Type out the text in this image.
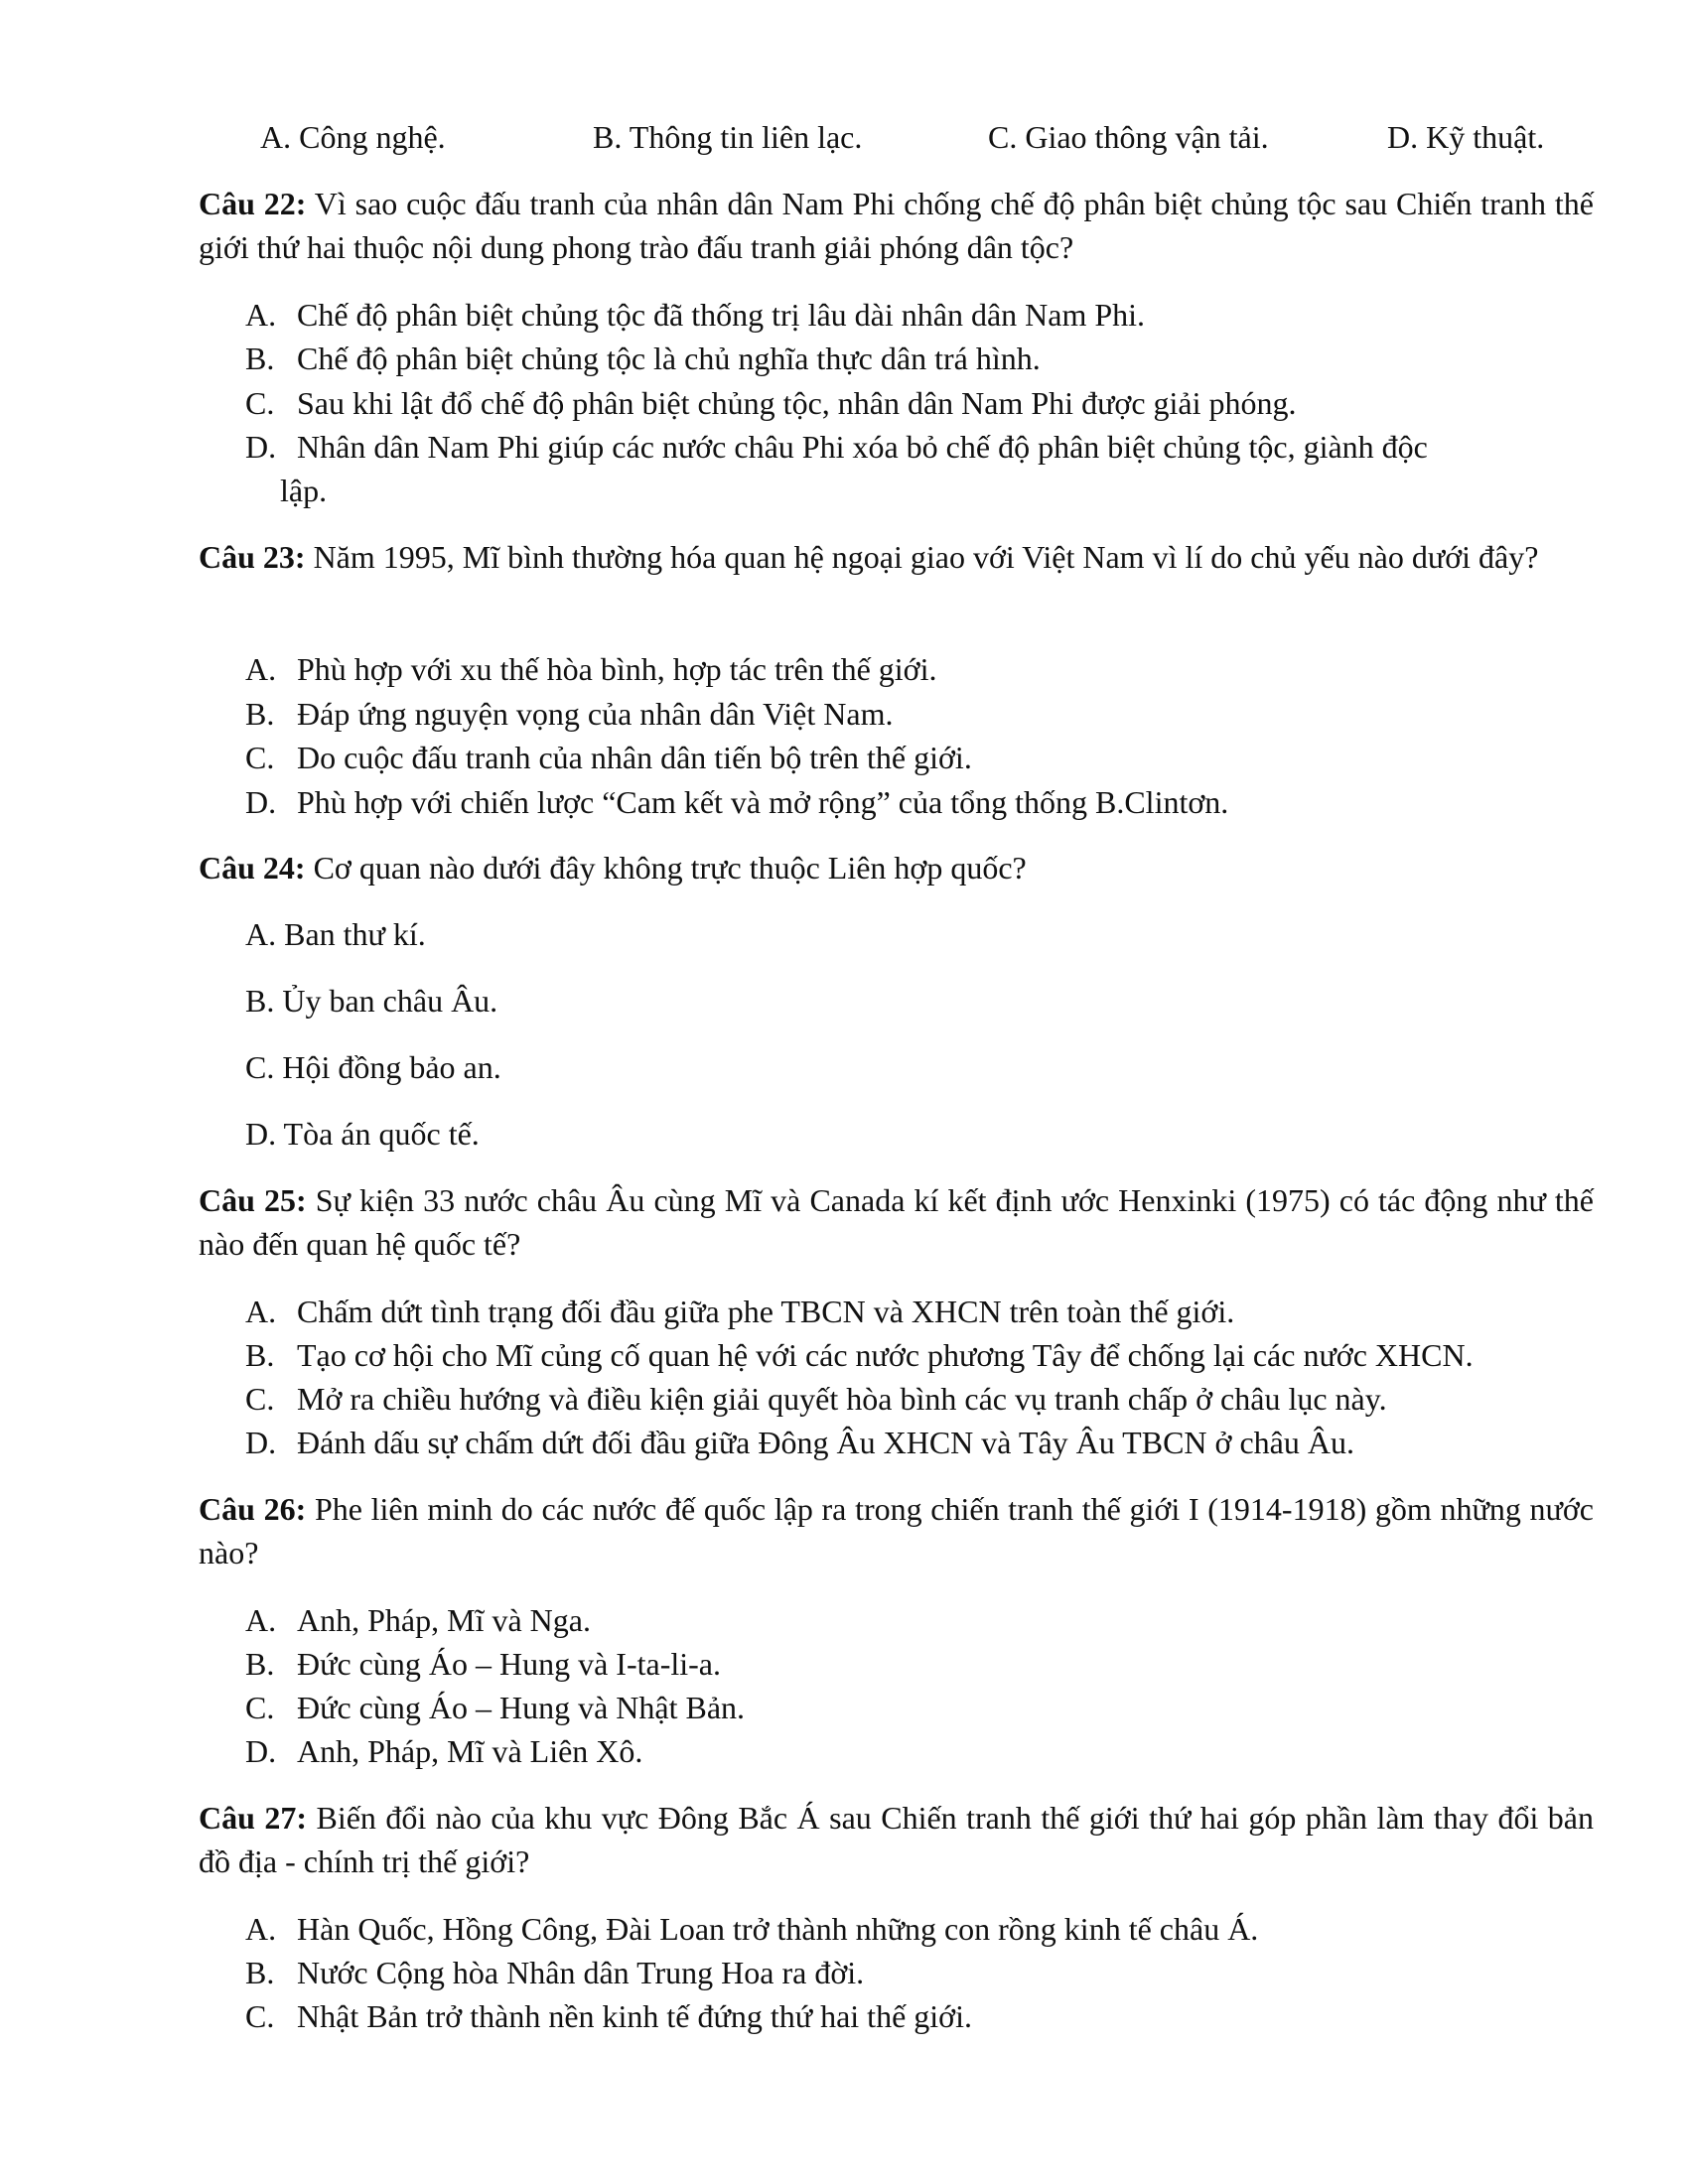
A. Công nghệ.	B. Thông tin liên lạc.	C. Giao thông vận tải.	D. Kỹ thuật.
Câu 22: Vì sao cuộc đấu tranh của nhân dân Nam Phi chống chế độ phân biệt chủng tộc sau Chiến tranh thế giới thứ hai thuộc nội dung phong trào đấu tranh giải phóng dân tộc?
A. Chế độ phân biệt chủng tộc đã thống trị lâu dài nhân dân Nam Phi.
B. Chế độ phân biệt chủng tộc là chủ nghĩa thực dân trá hình.
C. Sau khi lật đổ chế độ phân biệt chủng tộc, nhân dân Nam Phi được giải phóng.
D. Nhân dân Nam Phi giúp các nước châu Phi xóa bỏ chế độ phân biệt chủng tộc, giành độc
lập.
Câu 23: Năm 1995, Mĩ bình thường hóa quan hệ ngoại giao với Việt Nam vì lí do chủ yếu nào dưới đây?
A. Phù hợp với xu thế hòa bình, hợp tác trên thế giới.
B. Đáp ứng nguyện vọng của nhân dân Việt Nam.
C. Do cuộc đấu tranh của nhân dân tiến bộ trên thế giới.
D. Phù hợp với chiến lược “Cam kết và mở rộng” của tổng thống B.Clintơn.
Câu 24: Cơ quan nào dưới đây không trực thuộc Liên hợp quốc?
A. Ban thư kí.
B. Ủy ban châu Âu.
C. Hội đồng bảo an.
D. Tòa án quốc tế.
Câu 25: Sự kiện 33 nước châu Âu cùng Mĩ và Canada kí kết định ước Henxinki (1975) có tác động như thế nào đến quan hệ quốc tế?
A. Chấm dứt tình trạng đối đầu giữa phe TBCN và XHCN trên toàn thế giới.
B. Tạo cơ hội cho Mĩ củng cố quan hệ với các nước phương Tây để chống lại các nước XHCN.
C. Mở ra chiều hướng và điều kiện giải quyết hòa bình các vụ tranh chấp ở châu lục này.
D. Đánh dấu sự chấm dứt đối đầu giữa Đông Âu XHCN và Tây Âu TBCN ở châu Âu.
Câu 26: Phe liên minh do các nước đế quốc lập ra trong chiến tranh thế giới I (1914-1918) gồm những nước nào?
A. Anh, Pháp, Mĩ và Nga.
B. Đức cùng Áo – Hung và I-ta-li-a.
C. Đức cùng Áo – Hung và Nhật Bản.
D. Anh, Pháp, Mĩ và Liên Xô.
Câu 27: Biến đổi nào của khu vực Đông Bắc Á sau Chiến tranh thế giới thứ hai góp phần làm thay đổi bản đồ địa - chính trị thế giới?
A. Hàn Quốc, Hồng Công, Đài Loan trở thành những con rồng kinh tế châu Á.
B. Nước Cộng hòa Nhân dân Trung Hoa ra đời.
C. Nhật Bản trở thành nền kinh tế đứng thứ hai thế giới.
